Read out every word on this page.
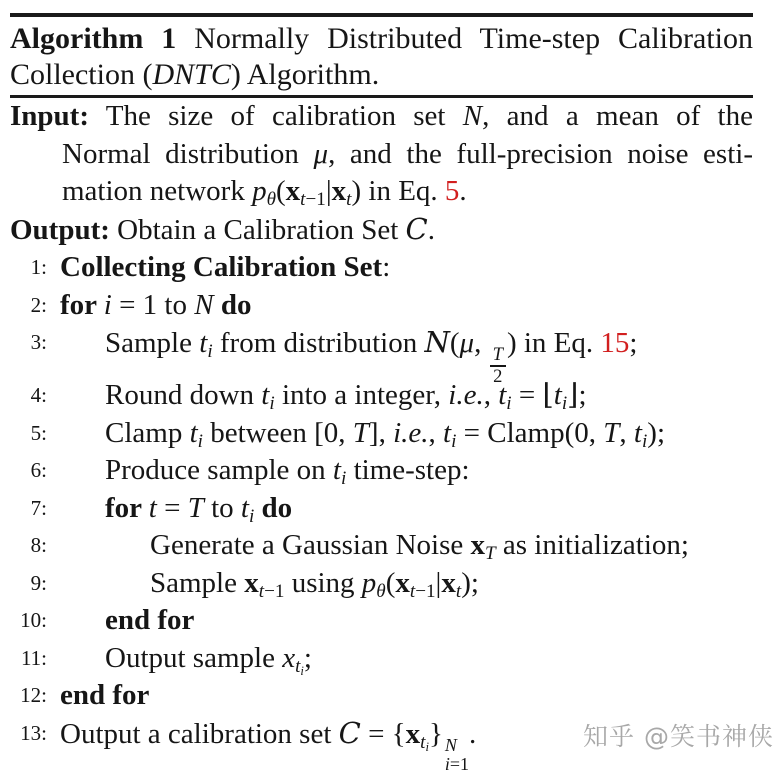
Algorithm 1 Normally Distributed Time-step Calibration
Collection (DNTC) Algorithm.
Input: The size of calibration set N, and a mean of the
Normal distribution μ, and the full-precision noise esti-
mation network $p_\theta(x_{t-1}|x_t)$ in Eq. 5.
Output: Obtain a Calibration Set C.
1: Collecting Calibration Set:
2: for i = 1 to N do
3:	Sample $t_i$ from distribution N(μ,
$\frac{T}{2}$
) in Eq. 15;
4:	Round down $t_i$ into a integer, i.e., $t_i$ = $⌊t_i⌋$;
5:	Clamp $t_i$ between [0, T], i.e., $t_i$ = Clamp(0, T, $t_i$);
6:	Produce sample on $t_i$ time-step:
7:	for t = T to $t_i$ do
8:	Generate a Gaussian Noise $x_T$ as initialization;
9:	Sample $x_{t-1}$ using $p_\theta(x_{t-1}|x_t)$;
10:	end for
11:	Output sample $x_{t_i}$;
12: end for
13: Output a calibration set $C = \{x_{t_i}\}$ N
i=1
.	知乎 @笑书神侠
